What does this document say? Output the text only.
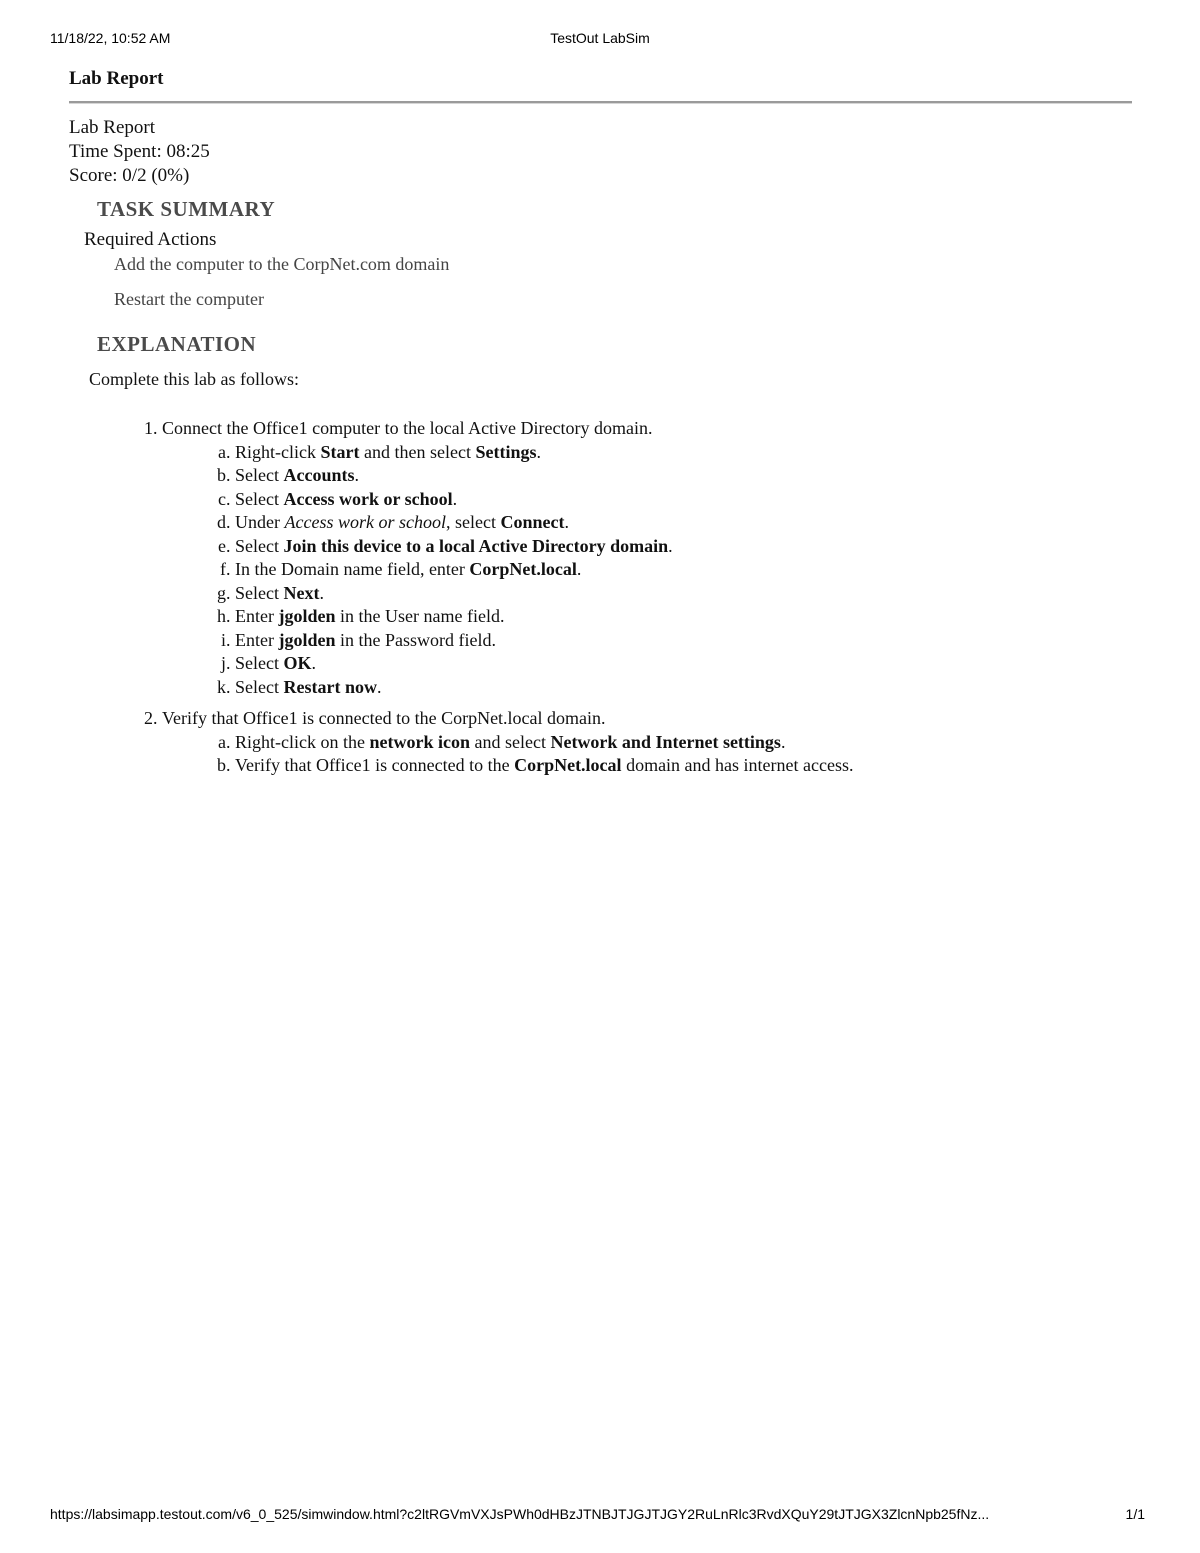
11/18/22, 10:52 AM	TestOut LabSim
Lab Report
Lab Report
Time Spent: 08:25
Score: 0/2 (0%)
TASK SUMMARY
Required Actions
Add the computer to the CorpNet.com domain
Restart the computer
EXPLANATION
Complete this lab as follows:
1. Connect the Office1 computer to the local Active Directory domain.
a. Right-click Start and then select Settings.
b. Select Accounts.
c. Select Access work or school.
d. Under Access work or school, select Connect.
e. Select Join this device to a local Active Directory domain.
f. In the Domain name field, enter CorpNet.local.
g. Select Next.
h. Enter jgolden in the User name field.
i. Enter jgolden in the Password field.
j. Select OK.
k. Select Restart now.
2. Verify that Office1 is connected to the CorpNet.local domain.
a. Right-click on the network icon and select Network and Internet settings.
b. Verify that Office1 is connected to the CorpNet.local domain and has internet access.
https://labsimapp.testout.com/v6_0_525/simwindow.html?c2ltRGVmVXJsPWh0dHBzJTNBJTJGJTJGY2RuLnRlc3RvdXQuY29tJTJGX3ZlcnNpb25fNz...	1/1
